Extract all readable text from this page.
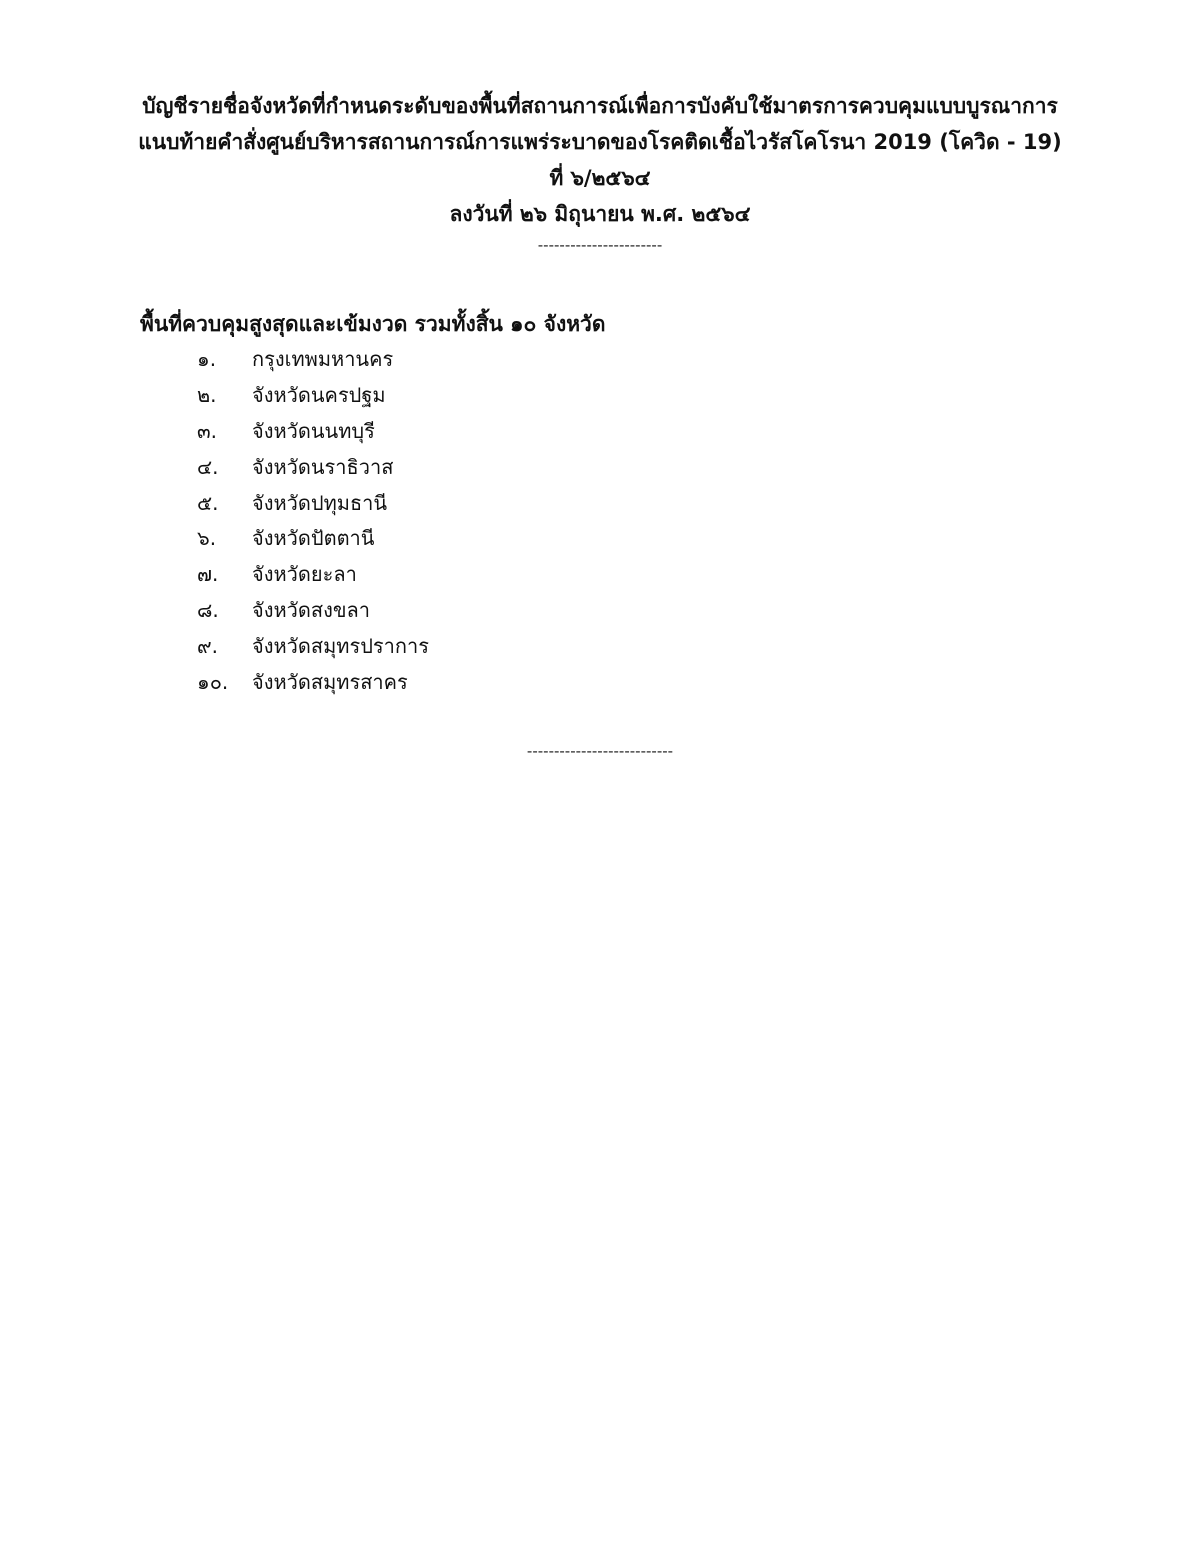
บัญชีรายชื่อจังหวัดที่กำหนดระดับของพื้นที่สถานการณ์เพื่อการบังคับใช้มาตรการควบคุมแบบบูรณาการ
แนบท้ายคำสั่งศูนย์บริหารสถานการณ์การแพร่ระบาดของโรคติดเชื้อไวรัสโคโรนา 2019 (โควิด - 19)
ที่ ๖/๒๕๖๔
ลงวันที่ ๒๖ มิถุนายน พ.ศ. ๒๕๖๔
-----------------------
พื้นที่ควบคุมสูงสุดและเข้มงวด รวมทั้งสิ้น ๑๐ จังหวัด
๑.	กรุงเทพมหานคร
๒.	จังหวัดนครปฐม
๓.	จังหวัดนนทบุรี
๔.	จังหวัดนราธิวาส
๕.	จังหวัดปทุมธานี
๖.	จังหวัดปัตตานี
๗.	จังหวัดยะลา
๘.	จังหวัดสงขลา
๙.	จังหวัดสมุทรปราการ
๑๐.	จังหวัดสมุทรสาคร
---------------------------
